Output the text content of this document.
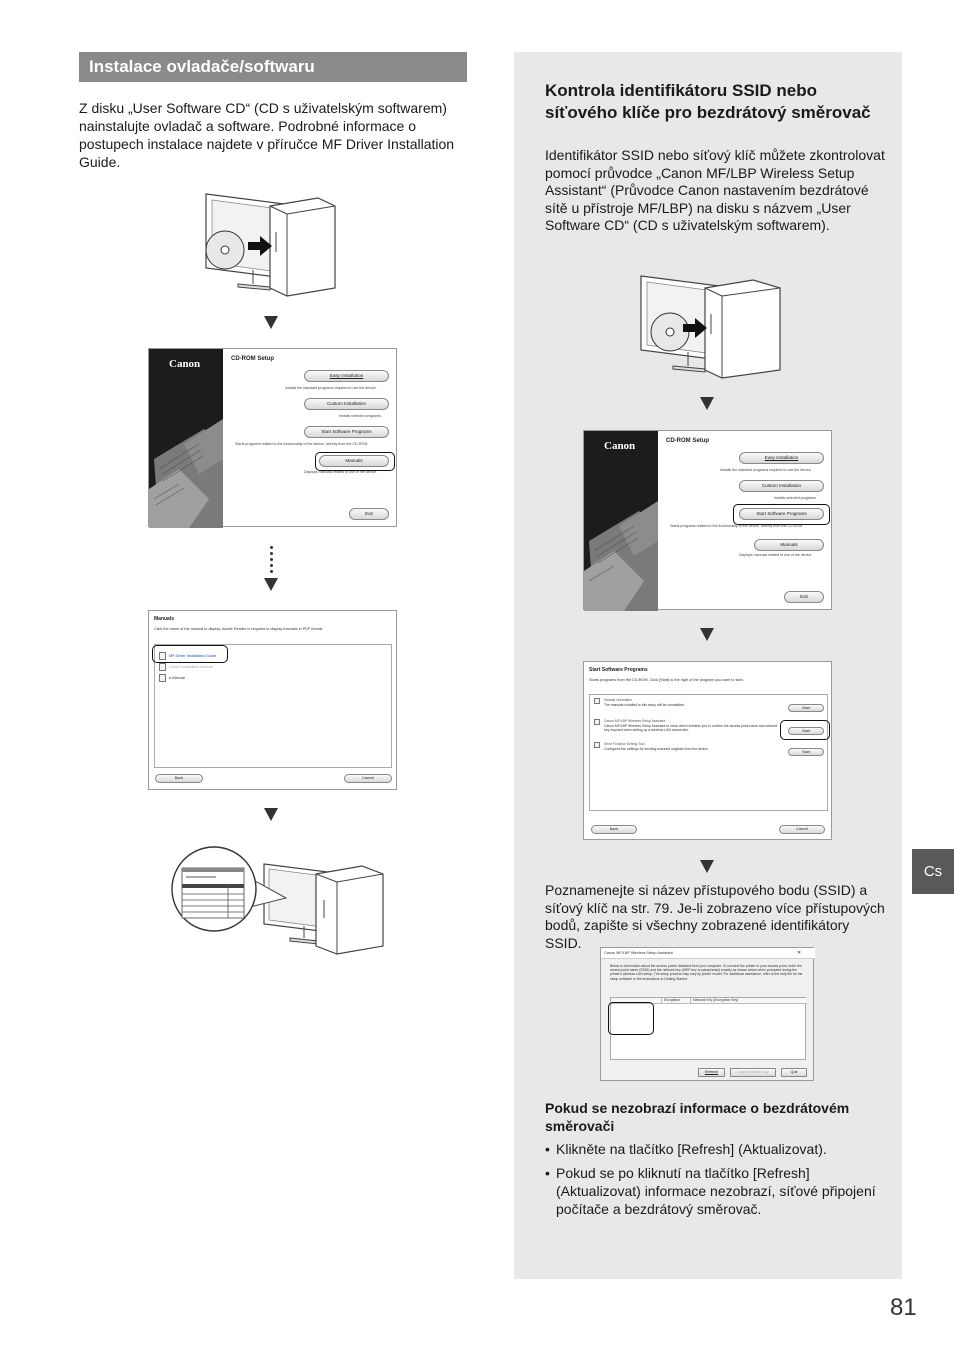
Instalace ovladače/softwaru
Z disku „User Software CD“ (CD s uživatelským softwarem) nainstalujte ovladač a software. Podrobné informace o postupech instalace najdete v příručce MF Driver Installation Guide.
Canon	CD-ROM Setup
Easy Installation
Installs the standard programs required to use the device.
Custom Installation
Installs selected programs.
Start Software Programs
Starts programs related to the functionality of the device, directly from the CD-ROM.
Manuals
Displays manuals related to use of the device.
Exit
Manuals
Click the name of the manual to display. Adobe Reader is required to display manuals in PDF format.
MF Driver Installation Guide
Online Installation Manual
e-Manual
Back	Cancel
Kontrola identifikátoru SSID nebo síťového klíče pro bezdrátový směrovač
Identifikátor SSID nebo síťový klíč můžete zkontrolovat pomocí průvodce „Canon MF/LBP Wireless Setup Assistant“ (Průvodce Canon nastavením bezdrátové sítě u přístroje MF/LBP) na disku s názvem „User Software CD“ (CD s uživatelským softwarem).
Canon	CD-ROM Setup
Easy Installation
Installs the standard programs required to use the device.
Custom Installation
Installs selected programs.
Start Software Programs
Starts programs related to the functionality of the device, directly from the CD-ROM.
Manuals
Displays manuals related to use of the device.
Exit
Start Software Programs
Starts programs from the CD-ROM. Click [Start] to the right of the program you want to start.
Manual Uninstaller
The manuals installed to this setup will be uninstalled.
Start
Canon MF/LBP Wireless Setup Assistant
Canon MF/LBP Wireless Setup Assistant to show which wireless you to confirm the access point name and network key required when setting up a wireless LAN connection.	Start
Send Function Setting Tool
Configures the settings for sending scanned originals from the device.
Start
Back	Cancel
Poznamenejte si název přístupového bodu (SSID) a síťový klíč na str. 79. Je-li zobrazeno více přístupových bodů, zapište si všechny zobrazené identifikátory SSID.
Canon MF/LBP Wireless Setup Assistant	✕
Below is information about the access points detected from your computer. To connect the printer to your access point, enter the access point name (SSID) and the network key (WEP key or passphrase) exactly as shown below when prompted during the printer's wireless LAN setup. The setup process may vary by printer model. For additional assistance, refer to the help file for the setup software or the instructions in Getting Started.
Encryption	Network Key (Encryption Key)
Refresh	Copy Network Key	Quit
Pokud se nezobrazí informace o bezdrátovém směrovači
• Klikněte na tlačítko [Refresh] (Aktualizovat).
• Pokud se po kliknutí na tlačítko [Refresh] (Aktualizovat) informace nezobrazí, síťové připojení počítače a bezdrátový směrovač.
Cs
81
